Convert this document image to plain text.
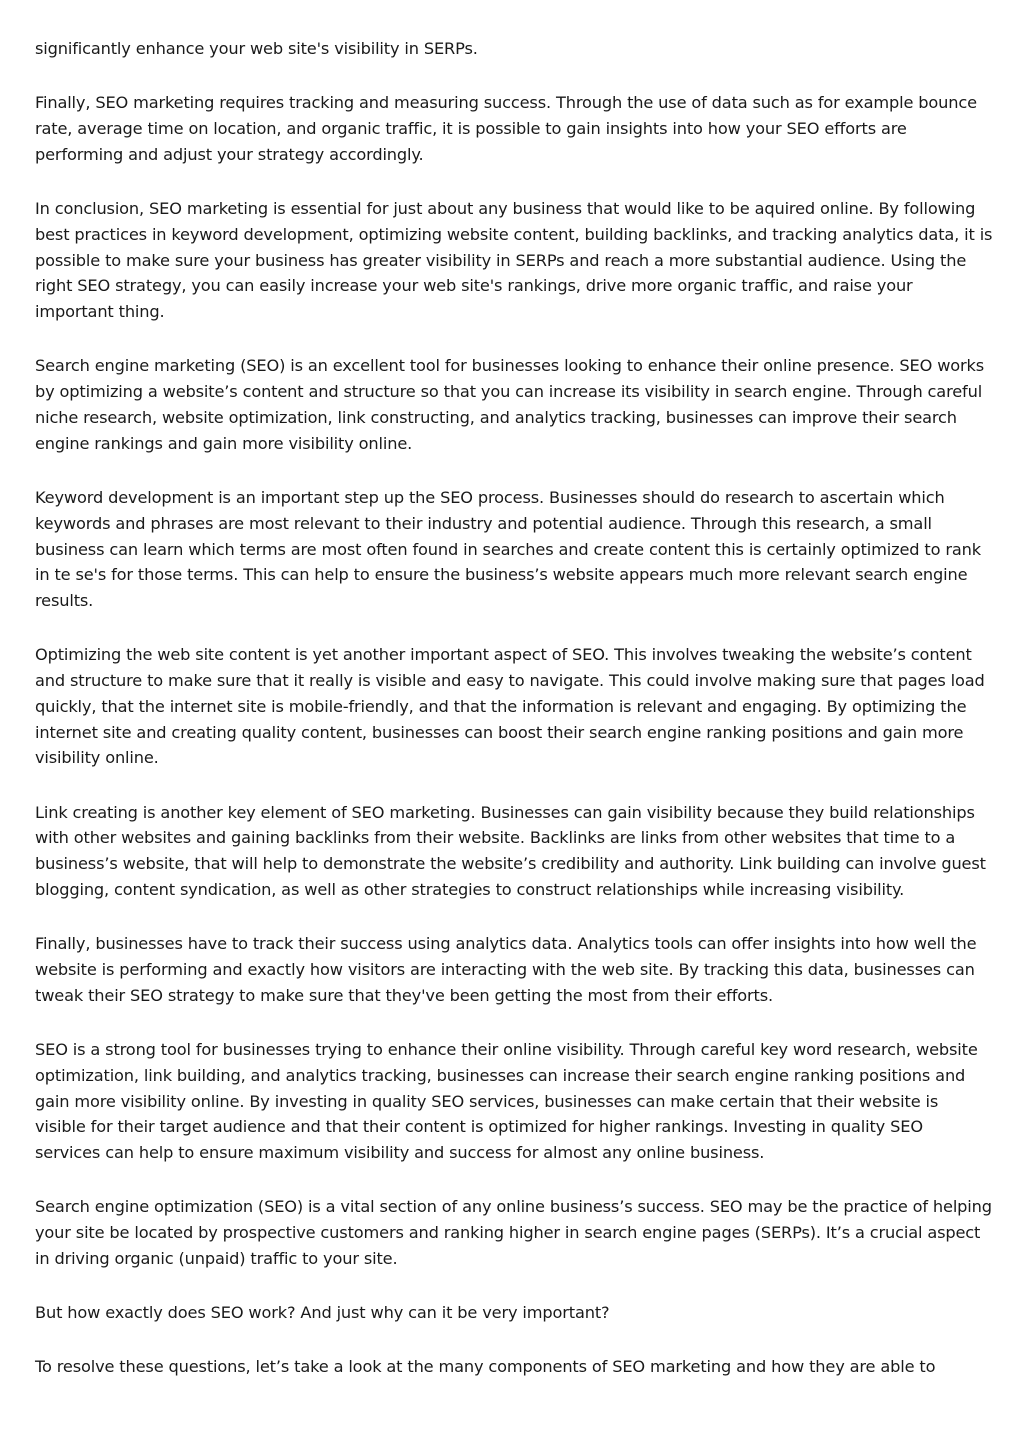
significantly enhance your web site's visibility in SERPs.

Finally, SEO marketing requires tracking and measuring success. Through the use of data such as for example bounce rate, average time on location, and organic traffic, it is possible to gain insights into how your SEO efforts are performing and adjust your strategy accordingly.

In conclusion, SEO marketing is essential for just about any business that would like to be aquired online. By following best practices in keyword development, optimizing website content, building backlinks, and tracking analytics data, it is possible to make sure your business has greater visibility in SERPs and reach a more substantial audience. Using the right SEO strategy, you can easily increase your web site's rankings, drive more organic traffic, and raise your important thing.

Search engine marketing (SEO) is an excellent tool for businesses looking to enhance their online presence. SEO works by optimizing a website’s content and structure so that you can increase its visibility in search engine. Through careful niche research, website optimization, link constructing, and analytics tracking, businesses can improve their search engine rankings and gain more visibility online.

Keyword development is an important step up the SEO process. Businesses should do research to ascertain which keywords and phrases are most relevant to their industry and potential audience. Through this research, a small business can learn which terms are most often found in searches and create content this is certainly optimized to rank in te se's for those terms. This can help to ensure the business’s website appears much more relevant search engine results.

Optimizing the web site content is yet another important aspect of SEO. This involves tweaking the website’s content and structure to make sure that it really is visible and easy to navigate. This could involve making sure that pages load quickly, that the internet site is mobile-friendly, and that the information is relevant and engaging. By optimizing the internet site and creating quality content, businesses can boost their search engine ranking positions and gain more visibility online.

Link creating is another key element of SEO marketing. Businesses can gain visibility because they build relationships with other websites and gaining backlinks from their website. Backlinks are links from other websites that time to a business’s website, that will help to demonstrate the website’s credibility and authority. Link building can involve guest blogging, content syndication, as well as other strategies to construct relationships while increasing visibility.

Finally, businesses have to track their success using analytics data. Analytics tools can offer insights into how well the website is performing and exactly how visitors are interacting with the web site. By tracking this data, businesses can tweak their SEO strategy to make sure that they've been getting the most from their efforts.

SEO is a strong tool for businesses trying to enhance their online visibility. Through careful key word research, website optimization, link building, and analytics tracking, businesses can increase their search engine ranking positions and gain more visibility online. By investing in quality SEO services, businesses can make certain that their website is visible for their target audience and that their content is optimized for higher rankings. Investing in quality SEO services can help to ensure maximum visibility and success for almost any online business.

Search engine optimization (SEO) is a vital section of any online business’s success. SEO may be the practice of helping your site be located by prospective customers and ranking higher in search engine pages (SERPs). It’s a crucial aspect in driving organic (unpaid) traffic to your site.

But how exactly does SEO work? And just why can it be very important?

To resolve these questions, let’s take a look at the many components of SEO marketing and how they are able to
